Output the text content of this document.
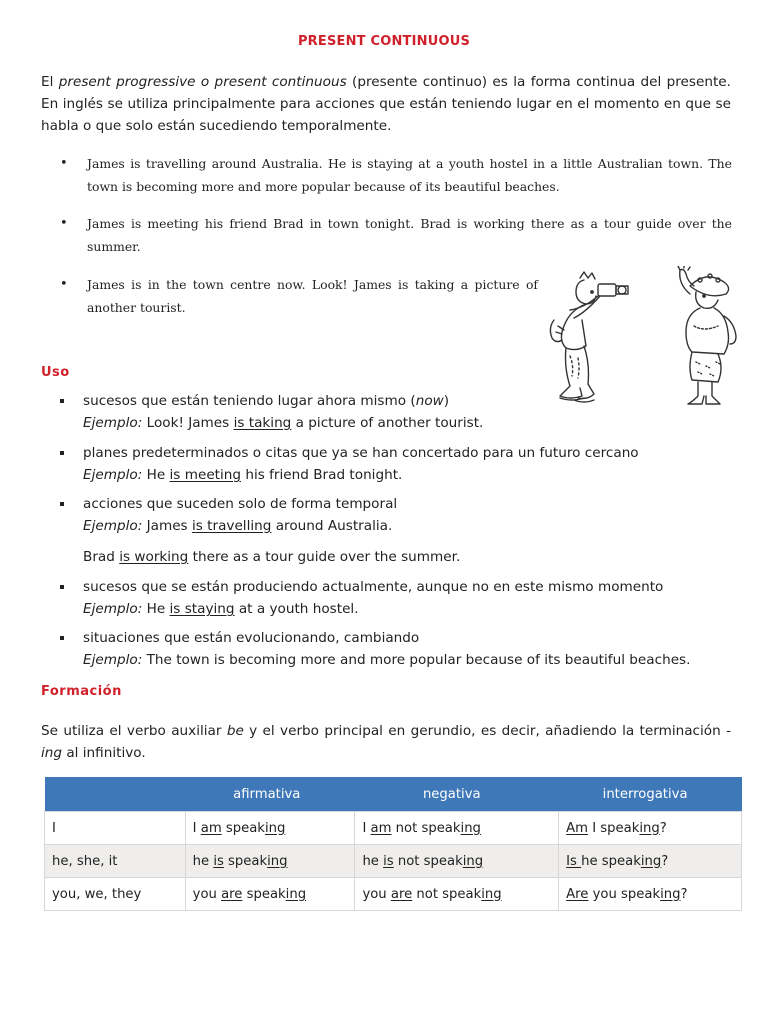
PRESENT CONTINUOUS
El present progressive o present continuous (presente continuo) es la forma continua del presente. En inglés se utiliza principalmente para acciones que están teniendo lugar en el momento en que se habla o que solo están sucediendo temporalmente.
• James is travelling around Australia. He is staying at a youth hostel in a little Australian town. The town is becoming more and more popular because of its beautiful beaches.
• James is meeting his friend Brad in town tonight. Brad is working there as a tour guide over the summer.
• James is in the town centre now. Look! James is taking a picture of another tourist.
Uso
sucesos que están teniendo lugar ahora mismo (now)
Ejemplo: Look! James is taking a picture of another tourist.
planes predeterminados o citas que ya se han concertado para un futuro cercano
Ejemplo: He is meeting his friend Brad tonight.
acciones que suceden solo de forma temporal
Ejemplo: James is travelling around Australia.
Brad is working there as a tour guide over the summer.
sucesos que se están produciendo actualmente, aunque no en este mismo momento
Ejemplo: He is staying at a youth hostel.
situaciones que están evolucionando, cambiando
Ejemplo: The town is becoming more and more popular because of its beautiful beaches.
Formación
Se utiliza el verbo auxiliar be y el verbo principal en gerundio, es decir, añadiendo la terminación -ing al infinitivo.
	afirmativa	negativa	interrogativa
I	I am speaking	I am not speaking	Am I speaking?
he, she, it	he is speaking	he is not speaking	Is he speaking?
you, we, they	you are speaking	you are not speaking	Are you speaking?
